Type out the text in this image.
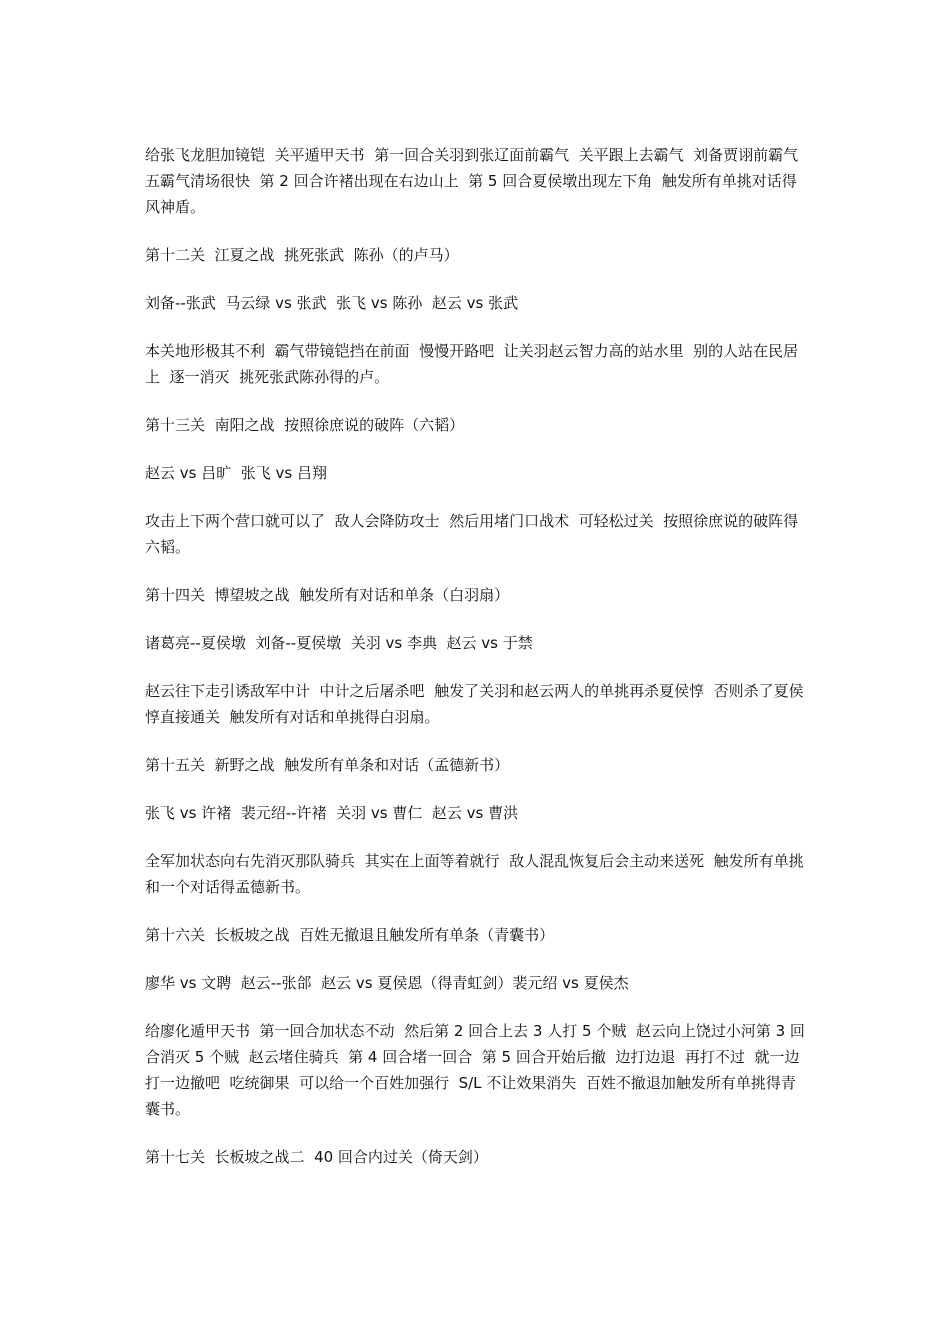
给张飞龙胆加镜铠  关平遁甲天书  第一回合关羽到张辽面前霸气  关平跟上去霸气  刘备贾诩前霸气  五霸气清场很快  第 2 回合许褚出现在右边山上  第 5 回合夏侯墩出现左下角  触发所有单挑对话得风神盾。

第十二关  江夏之战  挑死张武  陈孙（的卢马）

刘备--张武  马云绿 vs 张武  张飞 vs 陈孙  赵云 vs 张武

本关地形极其不利  霸气带镜铠挡在前面  慢慢开路吧  让关羽赵云智力高的站水里  别的人站在民居上  逐一消灭  挑死张武陈孙得的卢。

第十三关  南阳之战  按照徐庶说的破阵（六韬）

赵云 vs 吕旷  张飞 vs 吕翔

攻击上下两个营口就可以了  敌人会降防攻士  然后用堵门口战术  可轻松过关  按照徐庶说的破阵得六韬。

第十四关  博望坡之战  触发所有对话和单条（白羽扇）

诸葛亮--夏侯墩  刘备--夏侯墩  关羽 vs 李典  赵云 vs 于禁

赵云往下走引诱敌军中计  中计之后屠杀吧  触发了关羽和赵云两人的单挑再杀夏侯惇  否则杀了夏侯惇直接通关  触发所有对话和单挑得白羽扇。

第十五关  新野之战  触发所有单条和对话（孟德新书）

张飞 vs 许褚  裴元绍--许褚  关羽 vs 曹仁  赵云 vs 曹洪

全军加状态向右先消灭那队骑兵  其实在上面等着就行  敌人混乱恢复后会主动来送死  触发所有单挑和一个对话得孟德新书。

第十六关  长板坡之战  百姓无撤退且触发所有单条（青囊书）

廖华 vs 文聘  赵云--张郃  赵云 vs 夏侯恩（得青虹剑）裴元绍 vs 夏侯杰

给廖化遁甲天书  第一回合加状态不动  然后第 2 回合上去 3 人打 5 个贼  赵云向上饶过小河第 3 回合消灭 5 个贼  赵云堵住骑兵  第 4 回合堵一回合  第 5 回合开始后撤  边打边退  再打不过  就一边打一边撤吧  吃统御果  可以给一个百姓加强行  S/L 不让效果消失  百姓不撤退加触发所有单挑得青囊书。

第十七关  长板坡之战二  40 回合内过关（倚天剑）
